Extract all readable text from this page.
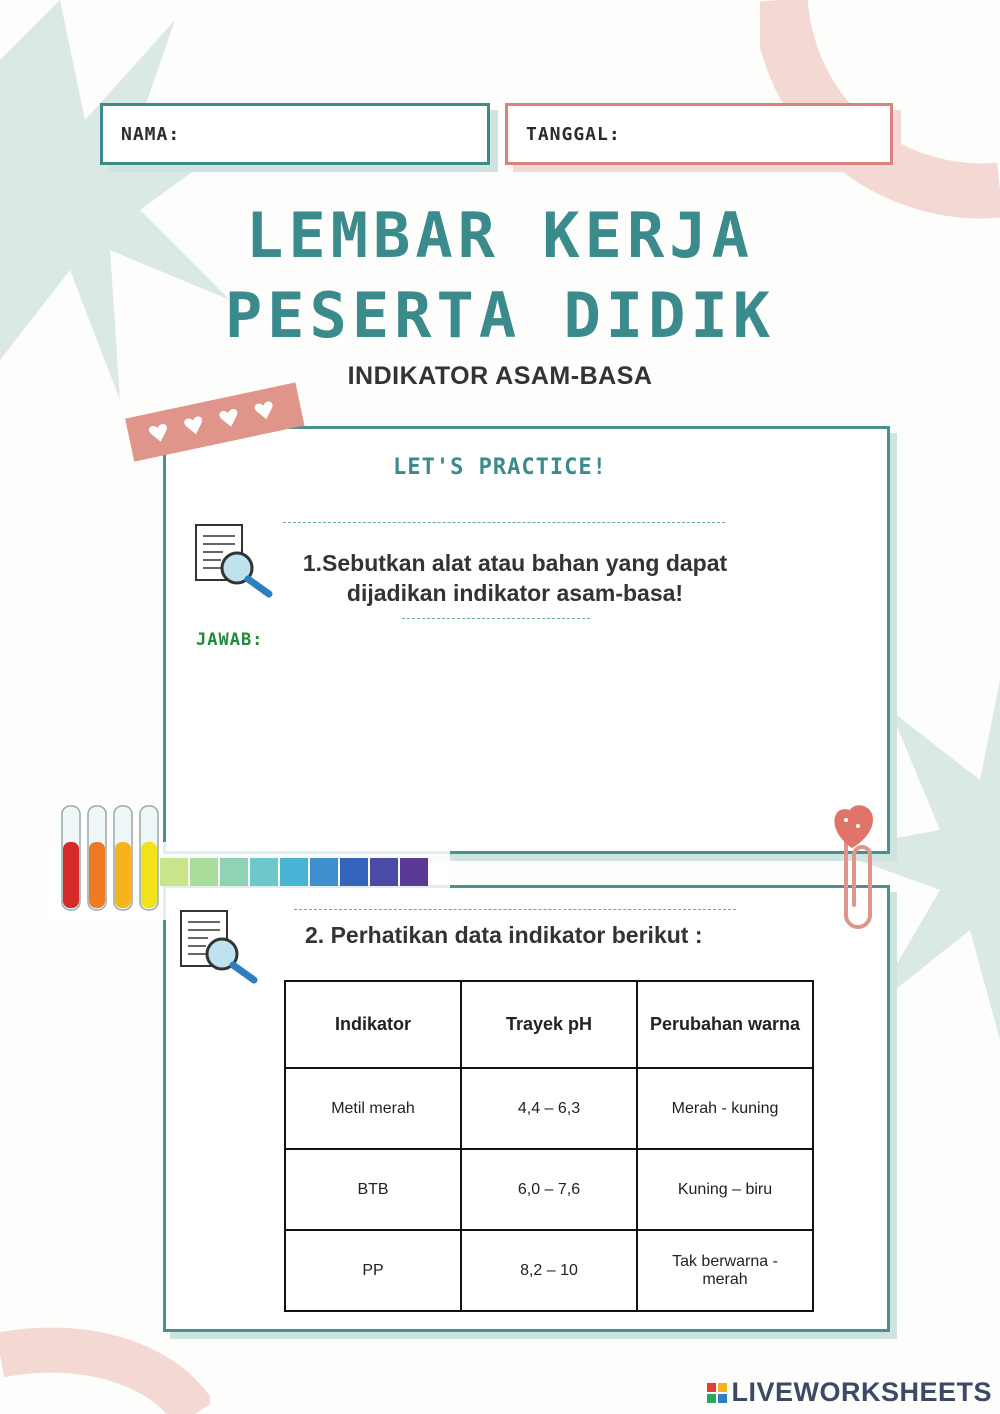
NAMA:	TANGGAL:
LEMBAR KERJA
PESERTA DIDIK
INDIKATOR ASAM-BASA
LET'S PRACTICE!
1.Sebutkan alat atau bahan yang dapat dijadikan indikator asam-basa!
JAWAB:
2. Perhatikan data indikator berikut :
Indikator	Trayek pH	Perubahan warna
Metil merah	4,4 – 6,3	Merah - kuning
BTB	6,0 – 7,6	Kuning – biru
PP	8,2 – 10	Tak berwarna - merah
LIVEWORKSHEETS
